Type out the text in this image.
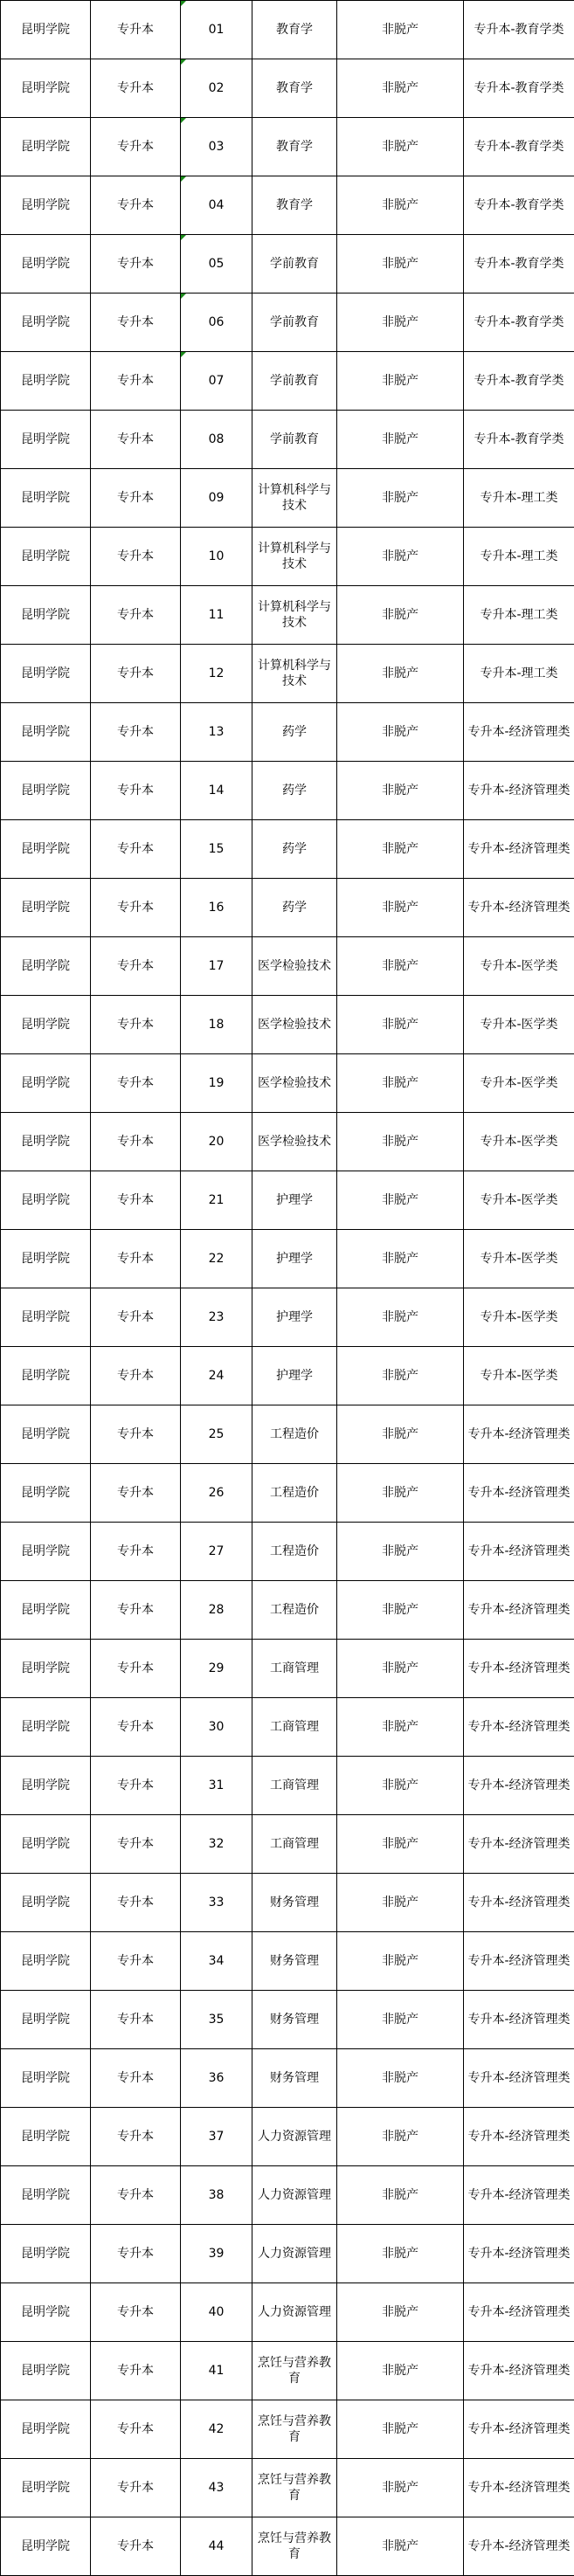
昆明学院	专升本	01	教育学	非脱产	专升本-教育学类
昆明学院	专升本	02	教育学	非脱产	专升本-教育学类
昆明学院	专升本	03	教育学	非脱产	专升本-教育学类
昆明学院	专升本	04	教育学	非脱产	专升本-教育学类
昆明学院	专升本	05	学前教育	非脱产	专升本-教育学类
昆明学院	专升本	06	学前教育	非脱产	专升本-教育学类
昆明学院	专升本	07	学前教育	非脱产	专升本-教育学类
昆明学院	专升本	08	学前教育	非脱产	专升本-教育学类
昆明学院	专升本	09	计算机科学与技术	非脱产	专升本-理工类
昆明学院	专升本	10	计算机科学与技术	非脱产	专升本-理工类
昆明学院	专升本	11	计算机科学与技术	非脱产	专升本-理工类
昆明学院	专升本	12	计算机科学与技术	非脱产	专升本-理工类
昆明学院	专升本	13	药学	非脱产	专升本-经济管理类
昆明学院	专升本	14	药学	非脱产	专升本-经济管理类
昆明学院	专升本	15	药学	非脱产	专升本-经济管理类
昆明学院	专升本	16	药学	非脱产	专升本-经济管理类
昆明学院	专升本	17	医学检验技术	非脱产	专升本-医学类
昆明学院	专升本	18	医学检验技术	非脱产	专升本-医学类
昆明学院	专升本	19	医学检验技术	非脱产	专升本-医学类
昆明学院	专升本	20	医学检验技术	非脱产	专升本-医学类
昆明学院	专升本	21	护理学	非脱产	专升本-医学类
昆明学院	专升本	22	护理学	非脱产	专升本-医学类
昆明学院	专升本	23	护理学	非脱产	专升本-医学类
昆明学院	专升本	24	护理学	非脱产	专升本-医学类
昆明学院	专升本	25	工程造价	非脱产	专升本-经济管理类
昆明学院	专升本	26	工程造价	非脱产	专升本-经济管理类
昆明学院	专升本	27	工程造价	非脱产	专升本-经济管理类
昆明学院	专升本	28	工程造价	非脱产	专升本-经济管理类
昆明学院	专升本	29	工商管理	非脱产	专升本-经济管理类
昆明学院	专升本	30	工商管理	非脱产	专升本-经济管理类
昆明学院	专升本	31	工商管理	非脱产	专升本-经济管理类
昆明学院	专升本	32	工商管理	非脱产	专升本-经济管理类
昆明学院	专升本	33	财务管理	非脱产	专升本-经济管理类
昆明学院	专升本	34	财务管理	非脱产	专升本-经济管理类
昆明学院	专升本	35	财务管理	非脱产	专升本-经济管理类
昆明学院	专升本	36	财务管理	非脱产	专升本-经济管理类
昆明学院	专升本	37	人力资源管理	非脱产	专升本-经济管理类
昆明学院	专升本	38	人力资源管理	非脱产	专升本-经济管理类
昆明学院	专升本	39	人力资源管理	非脱产	专升本-经济管理类
昆明学院	专升本	40	人力资源管理	非脱产	专升本-经济管理类
昆明学院	专升本	41	烹饪与营养教育	非脱产	专升本-经济管理类
昆明学院	专升本	42	烹饪与营养教育	非脱产	专升本-经济管理类
昆明学院	专升本	43	烹饪与营养教育	非脱产	专升本-经济管理类
昆明学院	专升本	44	烹饪与营养教育	非脱产	专升本-经济管理类
